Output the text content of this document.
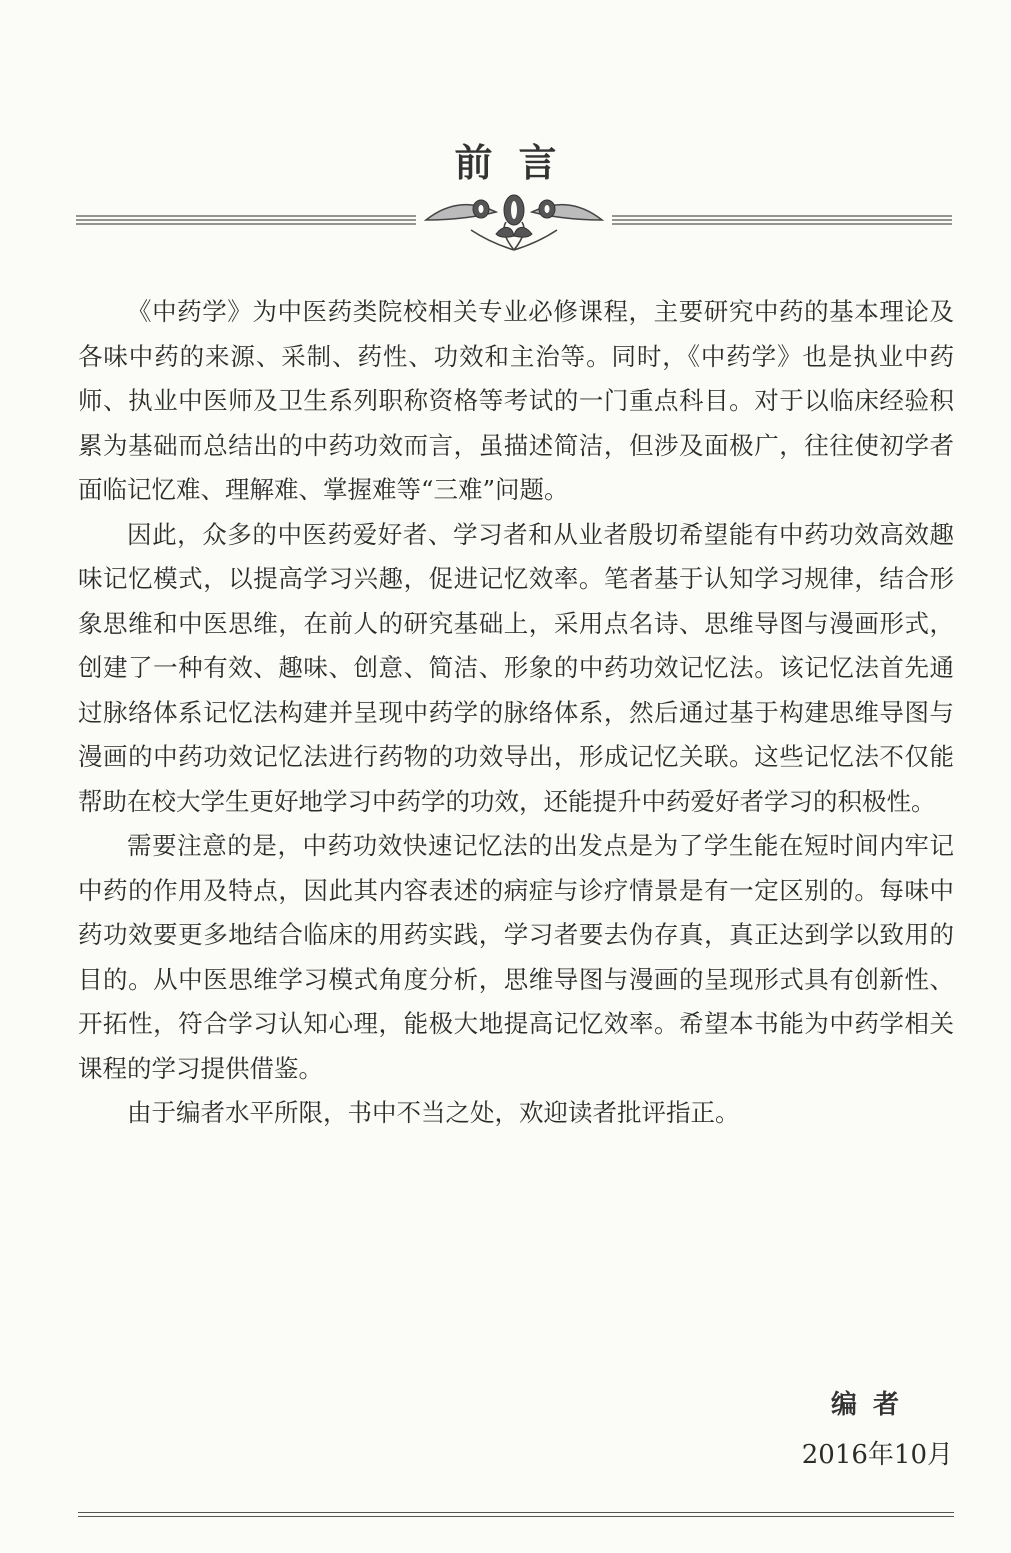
前言

《中药学》为中医药类院校相关专业必修课程，主要研究中药的基本理论及各味中药的来源、采制、药性、功效和主治等。同时，《中药学》也是执业中药师、执业中医师及卫生系列职称资格等考试的一门重点科目。对于以临床经验积累为基础而总结出的中药功效而言，虽描述简洁，但涉及面极广，往往使初学者面临记忆难、理解难、掌握难等“三难”问题。

因此，众多的中医药爱好者、学习者和从业者殷切希望能有中药功效高效趣味记忆模式，以提高学习兴趣，促进记忆效率。笔者基于认知学习规律，结合形象思维和中医思维，在前人的研究基础上，采用点名诗、思维导图与漫画形式，创建了一种有效、趣味、创意、简洁、形象的中药功效记忆法。该记忆法首先通过脉络体系记忆法构建并呈现中药学的脉络体系，然后通过基于构建思维导图与漫画的中药功效记忆法进行药物的功效导出，形成记忆关联。这些记忆法不仅能帮助在校大学生更好地学习中药学的功效，还能提升中药爱好者学习的积极性。

需要注意的是，中药功效快速记忆法的出发点是为了学生能在短时间内牢记中药的作用及特点，因此其内容表述的病症与诊疗情景是有一定区别的。每味中药功效要更多地结合临床的用药实践，学习者要去伪存真，真正达到学以致用的目的。从中医思维学习模式角度分析，思维导图与漫画的呈现形式具有创新性、开拓性，符合学习认知心理，能极大地提高记忆效率。希望本书能为中药学相关课程的学习提供借鉴。

由于编者水平所限，书中不当之处，欢迎读者批评指正。

编者
2016年10月
